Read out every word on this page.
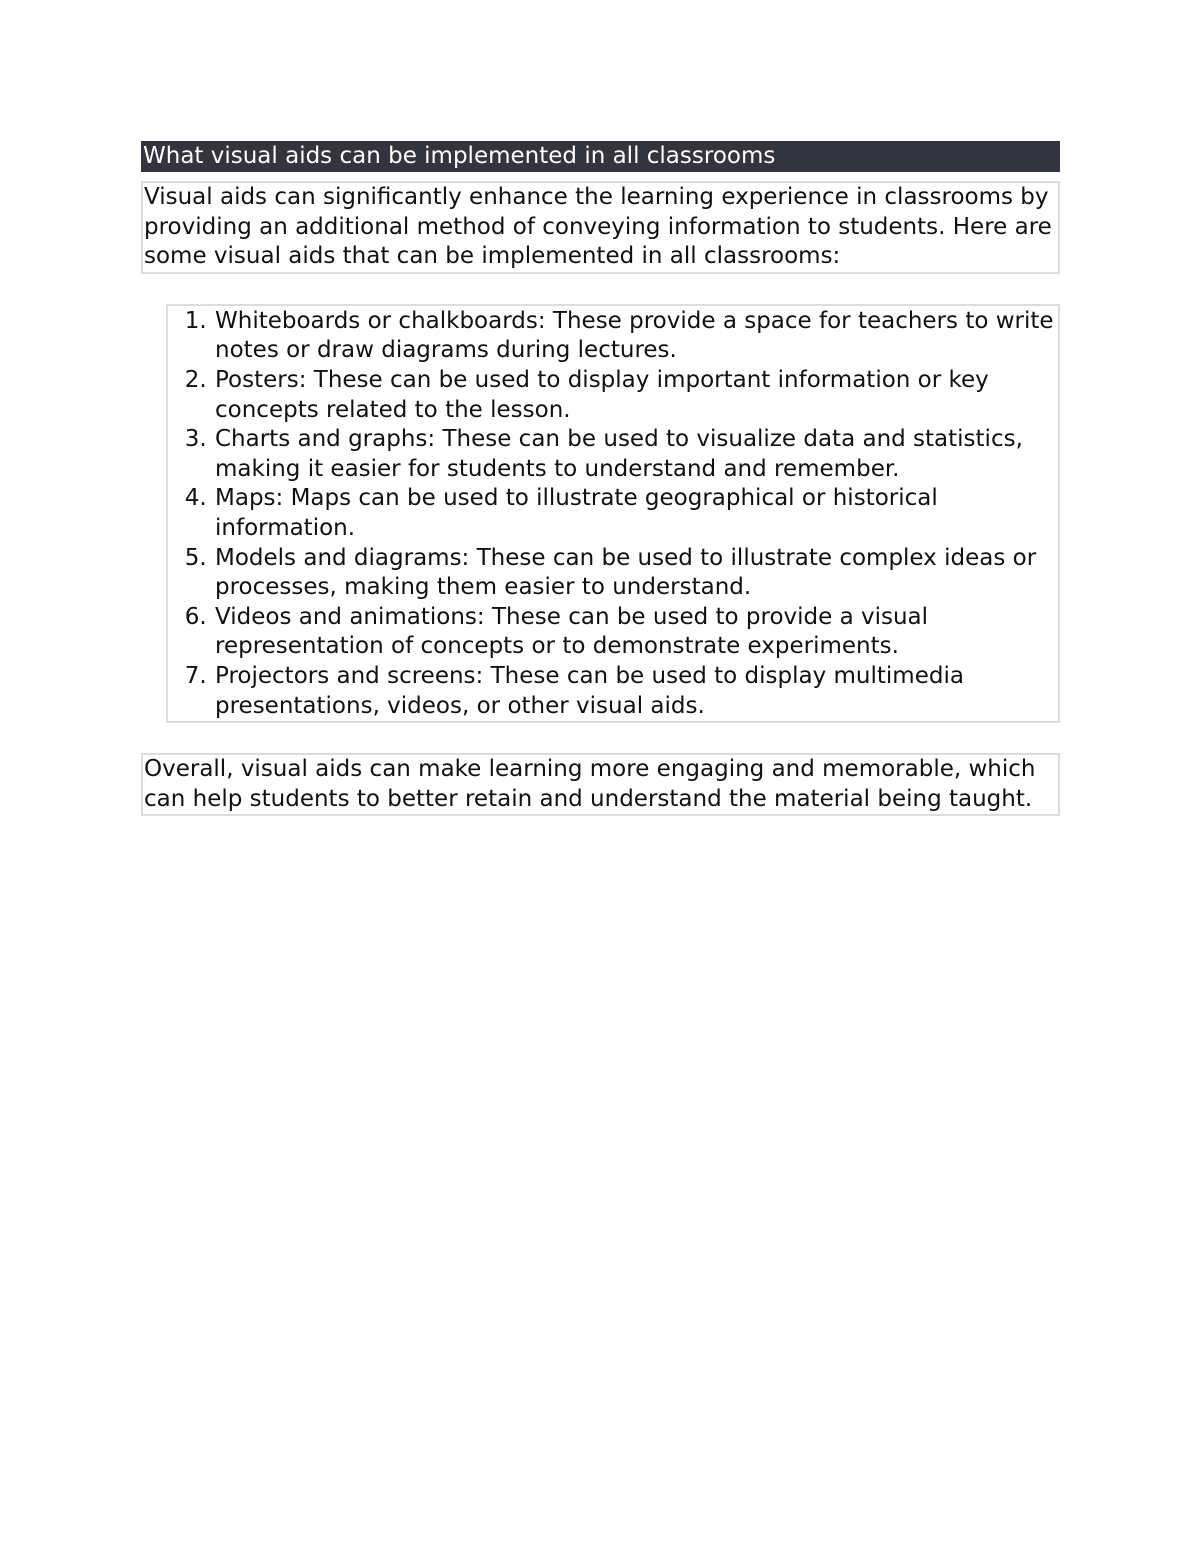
What visual aids can be implemented in all classrooms
Visual aids can significantly enhance the learning experience in classrooms by providing an additional method of conveying information to students. Here are some visual aids that can be implemented in all classrooms:
1. Whiteboards or chalkboards: These provide a space for teachers to write notes or draw diagrams during lectures.
2. Posters: These can be used to display important information or key concepts related to the lesson.
3. Charts and graphs: These can be used to visualize data and statistics, making it easier for students to understand and remember.
4. Maps: Maps can be used to illustrate geographical or historical information.
5. Models and diagrams: These can be used to illustrate complex ideas or processes, making them easier to understand.
6. Videos and animations: These can be used to provide a visual representation of concepts or to demonstrate experiments.
7. Projectors and screens: These can be used to display multimedia presentations, videos, or other visual aids.
Overall, visual aids can make learning more engaging and memorable, which can help students to better retain and understand the material being taught.
